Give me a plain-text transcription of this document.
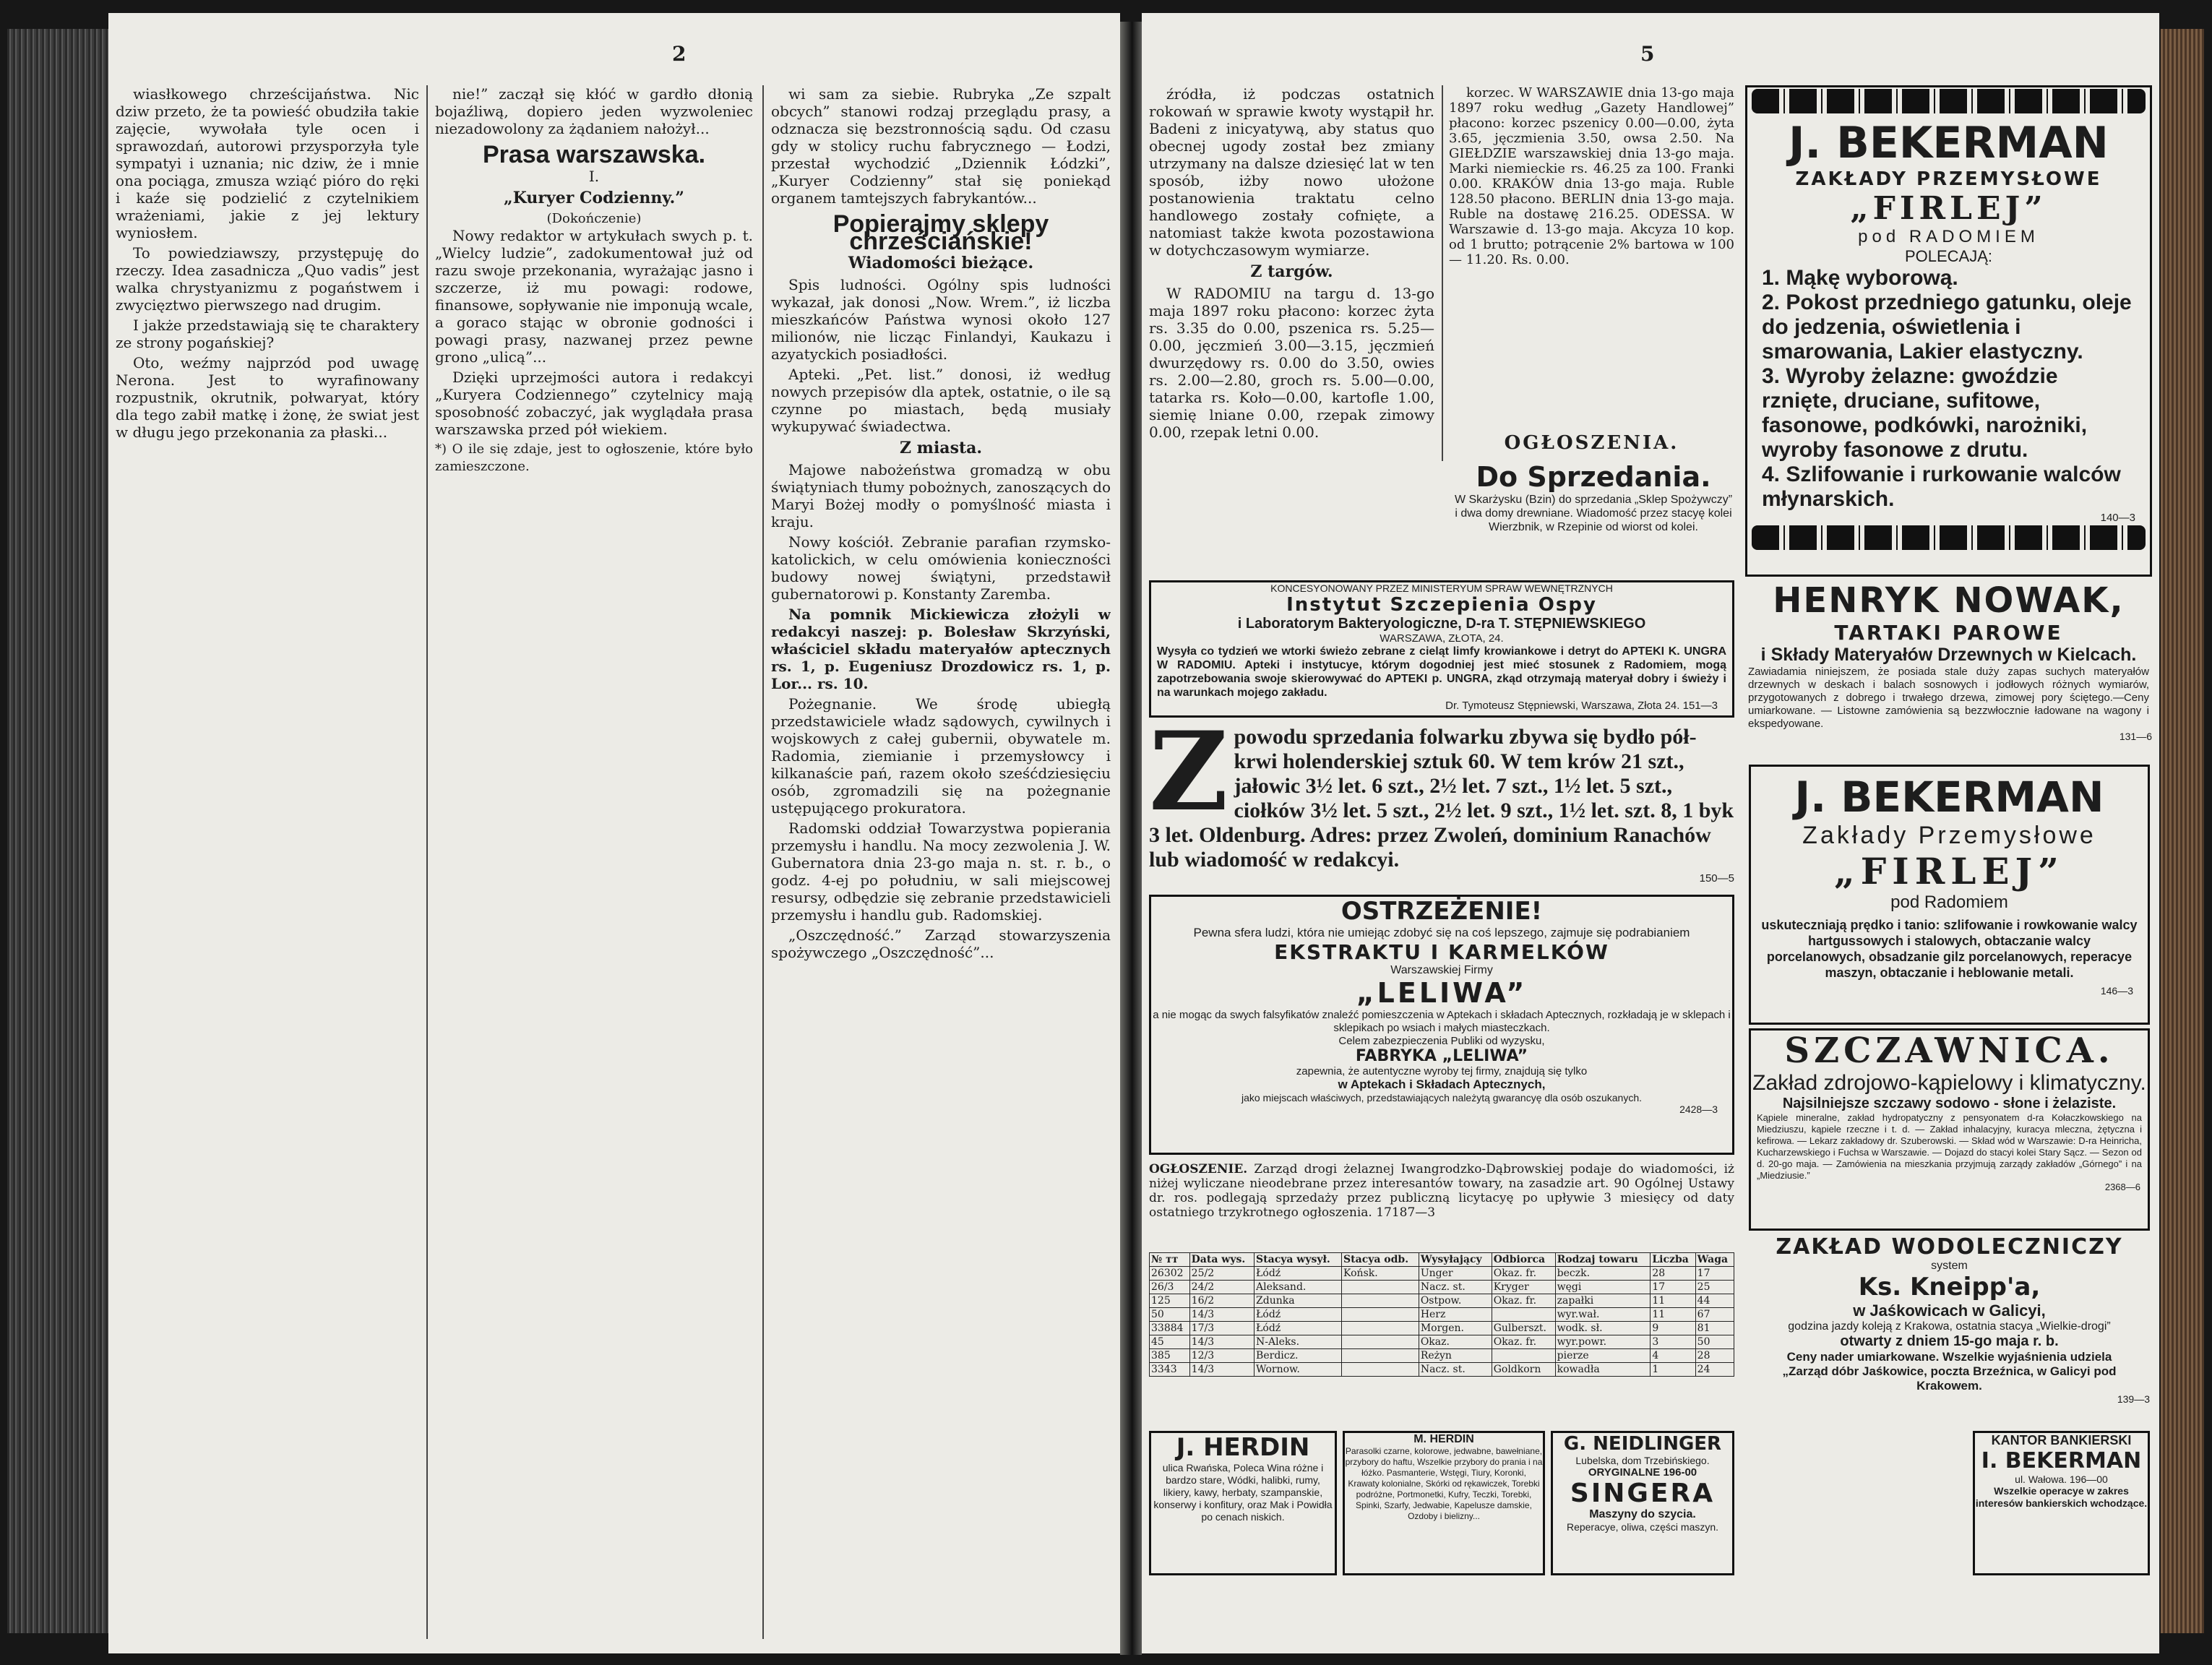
2

wiasłkowego chrześcijaństwa. Nic dziw przeto, że ta powieść obudziła takie zajęcie, wywołała tyle ocen i sprawozdań, autorowi przysporzyła tyle sympatyi i uznania; nic dziw, że i mnie ona pociąga, zmusza wziąć pióro do ręki i kaźe się podzielić z czytelnikiem wrażeniami, jakie z jej lektury wyniosłem.

To powiedziawszy, przystępuję do rzeczy. Idea zasadnicza „Quo vadis” jest walka chrystyanizmu z pogaństwem i zwycięztwo pierwszego nad drugim.

I jakże przedstawiają się te charaktery ze strony pogańskiej?

Oto, weźmy najprzód pod uwagę Nerona. Jest to wyrafinowany rozpustnik, okrutnik, połwaryat, który dla tego zabił matkę i żonę, że swiat jest w długu jego przekonania za płaski...

nie!” zaczął się kłóć w gardło dłonią bojaźliwą, dopiero jeden wyzwoleniec niezadowolony za żądaniem nałożył...

Prasa warszawska.
I.
„Kuryer Codzienny.”
(Dokończenie)

Nowy redaktor w artykułach swych p. t. „Wielcy ludzie”, zadokumentował już od razu swoje przekonania, wyrażając jasno i szczerze, iż mu powagi: rodowe, finansowe, sopływanie nie imponują wcale, a goraco stając w obronie godności i powagi prasy, nazwanej przez pewne grono „ulicą”...

Dzięki uprzejmości autora i redakcyi „Kuryera Codziennego” czytelnicy mają sposobność zobaczyć, jak wyglądała prasa warszawska przed pół wiekiem.

*) O ile się zdaje, jest to ogłoszenie, które było zamieszczone.

wi sam za siebie. Rubryka „Ze szpalt obcych” stanowi rodzaj przeglądu prasy, a odznacza się bezstronnością sądu. Od czasu gdy w stolicy ruchu fabrycznego — Łodzi, przestał wychodzić „Dziennik Łódzki”, „Kuryer Codzienny” stał się poniekąd organem tamtejszych fabrykantów...

Popierajmy sklepy chrześciańskie!
Wiadomości bieżące.

Spis ludności. Ogólny spis ludności wykazał, jak donosi „Now. Wrem.”, iż liczba mieszkańców Państwa wynosi około 127 milionów, nie licząc Finlandyi, Kaukazu i azyatyckich posiadłości.

Apteki. „Pet. list.” donosi, iż według nowych przepisów dla aptek, ostatnie, o ile są czynne po miastach, będą musiały wykupywać świadectwa.

Z miasta.

Majowe nabożeństwa gromadzą w obu świątyniach tłumy pobożnych, zanoszących do Maryi Bożej modły o pomyślność miasta i kraju.

Nowy kościół. Zebranie parafian rzymsko-katolickich, w celu omówienia konieczności budowy nowej świątyni, przedstawił gubernatorowi p. Konstanty Zaremba.

Na pomnik Mickiewicza złożyli w redakcyi naszej: p. Bolesław Skrzyński, właściciel składu materyałów aptecznych rs. 1, p. Eugeniusz Drozdowicz rs. 1, p. Lor... rs. 10.

Pożegnanie. We środę ubiegłą przedstawiciele władz sądowych, cywilnych i wojskowych z całej gubernii, obywatele m. Radomia, ziemianie i przemysłowcy i kilkanaście pań, razem około sześćdziesięciu osób, zgromadzili się na pożegnanie ustępującego prokuratora.

Radomski oddział Towarzystwa popierania przemysłu i handlu. Na mocy zezwolenia J. W. Gubernatora dnia 23-go maja n. st. r. b., o godz. 4-ej po południu, w sali miejscowej resursy, odbędzie się zebranie przedstawicieli przemysłu i handlu gub. Radomskiej.

„Oszczędność.” Zarząd stowarzyszenia spożywczego „Oszczędność”...

5

źródła, iż podczas ostatnich rokowań w sprawie kwoty wystąpił hr. Badeni z inicyatywą, aby status quo obecnej ugody został bez zmiany utrzymany na dalsze dziesięć lat w ten sposób, iżby nowo ułożone postanowienia traktatu celno handlowego zostały cofnięte, a natomiast także kwota pozostawiona w dotychczasowym wymiarze.

Z targów.

W RADOMIU na targu d. 13-go maja 1897 roku płacono: korzec żyta rs. 3.35 do 0.00, pszenica rs. 5.25—0.00, jęczmień 3.00—3.15, jęczmień dwurzędowy rs. 0.00 do 3.50, owies rs. 2.00—2.80, groch rs. 5.00—0.00, tatarka rs. Koło—0.00, kartofle 1.00, siemię lniane 0.00, rzepak zimowy 0.00, rzepak letni 0.00.

korzec. W WARSZAWIE dnia 13-go maja 1897 roku według „Gazety Handlowej” płacono: korzec pszenicy 0.00—0.00, żyta 3.65, jęczmienia 3.50, owsa 2.50. Na GIEŁDZIE warszawskiej dnia 13-go maja. Marki niemieckie rs. 46.25 za 100. Franki 0.00. KRAKÓW dnia 13-go maja. Ruble 128.50 płacono. BERLIN dnia 13-go maja. Ruble na dostawę 216.25. ODESSA. W Warszawie d. 13-go maja. Akcyza 10 kop. od 1 brutto; potrącenie 2% bartowa w 100 — 11.20. Rs. 0.00.

OGŁOSZENIA.
Do Sprzedania.
W Skarżysku (Bzin) do sprzedania „Sklep Spożywczy” i dwa domy drewniane. Wiadomość przez stacyę kolei Wierzbnik, w Rzepinie od wiorst od kolei.
KONCESYONOWANY PRZEZ MINISTERYUM SPRAW WEWNĘTRZNYCH
Instytut Szczepienia Ospy
i Laboratorym Bakteryologiczne, D-ra T. STĘPNIEWSKIEGO
WARSZAWA, ZŁOTA, 24.
Wysyła co tydzień we wtorki świeżo zebrane z cieląt limfy krowiankowe i detryt do APTEKI K. UNGRA W RADOMIU. Apteki i instytucye, którym dogodniej jest mieć stosunek z Radomiem, mogą zapotrzebowania swoje skierowywać do APTEKI p. UNGRA, zkąd otrzymają materyał dobry i świeży i na warunkach mojego zakładu.
Dr. Tymoteusz Stępniewski, Warszawa, Złota 24. 151—3
Z powodu sprzedania folwarku zbywa się bydło pół-krwi holenderskiej sztuk 60. W tem krów 21 szt., jałowic 3½ let. 6 szt., 2½ let. 7 szt., 1½ let. 5 szt., ciołków 3½ let. 5 szt., 2½ let. 9 szt., 1½ let. szt. 8, 1 byk 3 let. Oldenburg. Adres: przez Zwoleń, dominium Ranachów lub wiadomość w redakcyi.
150—5
OSTRZEŻENIE!
Pewna sfera ludzi, która nie umiejąc zdobyć się na coś lepszego, zajmuje się podrabianiem
EKSTRAKTU I KARMELKÓW
Warszawskiej Firmy
„LELIWA”
a nie mogąc da swych falsyfikatów znaleźć pomieszczenia w Aptekach i składach Aptecznych, rozkładają je w sklepach i sklepikach po wsiach i małych miasteczkach.
Celem zabezpieczenia Publiki od wyzysku,
FABRYKA „LELIWA”
zapewnia, że autentyczne wyroby tej firmy, znajdują się tylko
w Aptekach i Składach Aptecznych,
jako miejscach właściwych, przedstawiających należytą gwarancyę dla osób oszukanych.
2428—3
OGŁOSZENIE. Zarząd drogi żelaznej Iwangrodzko-Dąbrowskiej podaje do wiadomości, iż niżej wyliczane nieodebrane przez interesantów towary, na zasadzie art. 90 Ogólnej Ustawy dr. ros. podlegają sprzedaży przez publiczną licytacyę po upływie 3 miesięcy od daty ostatniego trzykrotnego ogłoszenia. 17187—3
№ тт	Data wys.	Stacya wysył.	Stacya odb.	Wysyłający	Odbiorca	Rodzaj towaru	Liczba	Waga
26302	25/2	Łódź	Końsk.	Unger	Okaz. fr.	beczk.	28	17
26/3	24/2	Aleksand.		Nacz. st.	Kryger	węgi	17	25
125	16/2	Zdunka		Ostpow.	Okaz. fr.	zapałki	11	44
50	14/3	Łódź		Herz		wyr.wał.	11	67
33884	17/3	Łódź		Morgen.	Gulberszt.	wodk. sł.	9	81
45	14/3	N-Aleks.		Okaz.	Okaz. fr.	wyr.powr.	3	50
385	12/3	Berdicz.		Reżyn		pierze	4	28
3343	14/3	Wornow.		Nacz. st.	Goldkorn	kowadła	1	24
J. HERDIN
ulica Rwańska, Poleca Wina różne i bardzo stare, Wódki, halibki, rumy, likiery, kawy, herbaty, szampanskie, konserwy i konfitury, oraz Mak i Powidła po cenach niskich.
M. HERDIN
Parasolki czarne, kolorowe, jedwabne, bawełniane, przybory do haftu, Wszelkie przybory do prania i na łóżko. Pasmanterie, Wstęgi, Tiury, Koronki, Krawaty kolonialne, Skórki od rękawiczek, Torebki podróżne, Portmonetki, Kufry, Teczki, Torebki, Spinki, Szarfy, Jedwabie, Kapelusze damskie, Ozdoby i bielizny...
G. NEIDLINGER
Lubelska, dom Trzebińskiego.
ORYGINALNE 196-00
SINGERA
Maszyny do szycia.
Reperacye, oliwa, części maszyn.
J. BEKERMAN
ZAKŁADY PRZEMYSŁOWE
„FIRLEJ”
pod RADOMIEM
POLECAJĄ:
1. Mąkę wyborową.
2. Pokost przedniego gatunku, oleje do jedzenia, oświetlenia i smarowania, Lakier elastyczny.
3. Wyroby żelazne: gwoździe rznięte, druciane, sufitowe, fasonowe, podkówki, narożniki, wyroby fasonowe z drutu.
4. Szlifowanie i rurkowanie walców młynarskich.
140—3
HENRYK NOWAK,
TARTAKI PAROWE
i Składy Materyałów Drzewnych w Kielcach.
Zawiadamia niniejszem, że posiada stale duży zapas suchych materyałów drzewnych w deskach i balach sosnowych i jodłowych różnych wymiarów, przygotowanych z dobrego i trwałego drzewa, zimowej pory ściętego.—Ceny umiarkowane. — Listowne zamówienia są bezzwłocznie ładowane na wagony i ekspedyowane.
131—6
J. BEKERMAN
Zakłady Przemysłowe
„FIRLEJ”
pod Radomiem
uskuteczniają prędko i tanio: szlifowanie i rowkowanie walcy hartgussowych i stalowych, obtaczanie walcy porcelanowych, obsadzanie gilz porcelanowych, reperacye maszyn, obtaczanie i heblowanie metali.
146—3
SZCZAWNICA.
Zakład zdrojowo-kąpielowy i klimatyczny.
Najsilniejsze szczawy sodowo - słone i żelaziste.
Kąpiele mineralne, zakład hydropatyczny z pensyonatem d-ra Kołaczkowskiego na Miedziuszu, kąpiele rzeczne i t. d. — Zakład inhalacyjny, kuracya mleczna, żętyczna i kefirowa. — Lekarz zakładowy dr. Szuberowski. — Skład wód w Warszawie: D-ra Heinricha, Kucharzewskiego i Fuchsa w Warszawie. — Dojazd do stacyi kolei Stary Sącz. — Sezon od d. 20-go maja. — Zamówienia na mieszkania przyjmują zarządy zakładów „Górnego” i na „Miedziusie.”
2368—6
ZAKŁAD WODOLECZNICZY
system
Ks. Kneipp'a,
w Jaśkowicach w Galicyi,
godzina jazdy koleją z Krakowa, ostatnia stacya „Wielkie-drogi”
otwarty z dniem 15-go maja r. b.
Ceny nader umiarkowane. Wszelkie wyjaśnienia udziela
„Zarząd dóbr Jaśkowice, poczta Brzeźnica, w Galicyi pod Krakowem.
139—3
KANTOR BANKIERSKI
I. BEKERMAN
ul. Wałowa. 196—00
Wszelkie operacye w zakres interesów bankierskich wchodzące.
